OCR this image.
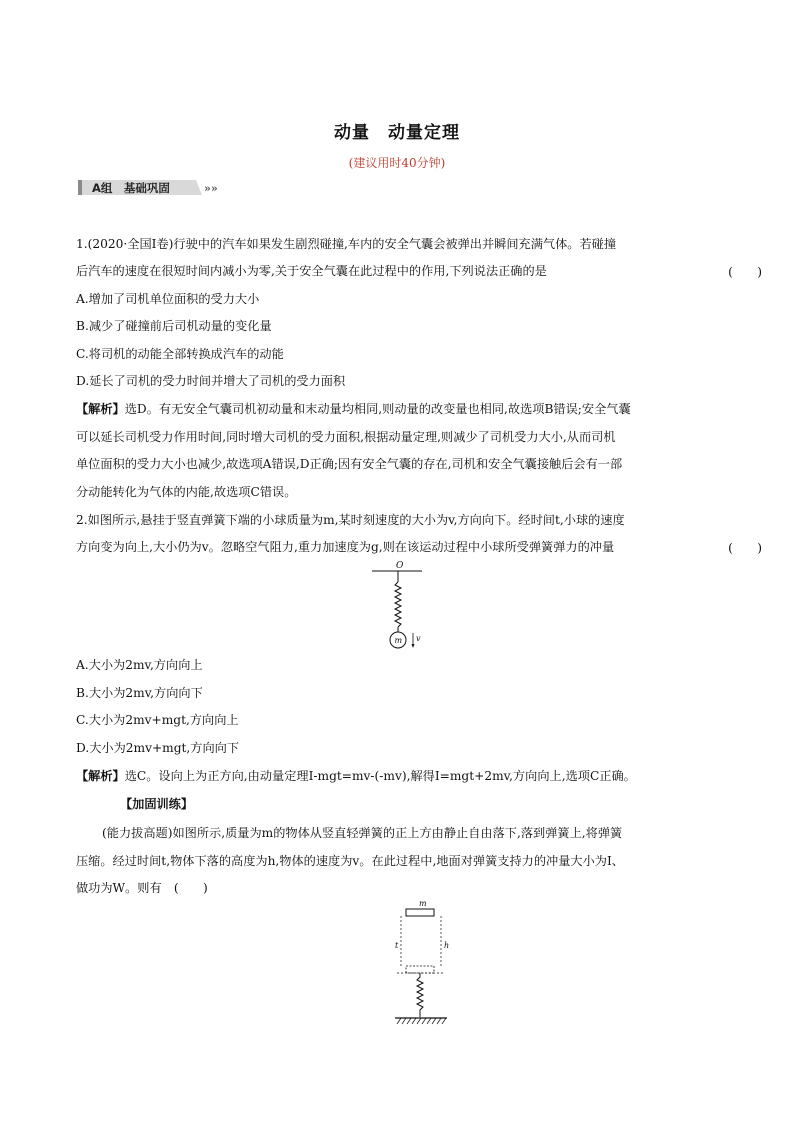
动量　动量定理
(建议用时40分钟)
»»
A组　基础巩固
1.(2020·全国Ⅰ卷)行驶中的汽车如果发生剧烈碰撞,车内的安全气囊会被弹出并瞬间充满气体。若碰撞
后汽车的速度在很短时间内减小为零,关于安全气囊在此过程中的作用,下列说法正确的是	(　　)
A.增加了司机单位面积的受力大小
B.减少了碰撞前后司机动量的变化量
C.将司机的动能全部转换成汽车的动能
D.延长了司机的受力时间并增大了司机的受力面积
【解析】选D。有无安全气囊司机初动量和末动量均相同,则动量的改变量也相同,故选项B错误;安全气囊
可以延长司机受力作用时间,同时增大司机的受力面积,根据动量定理,则减少了司机受力大小,从而司机
单位面积的受力大小也减少,故选项A错误,D正确;因有安全气囊的存在,司机和安全气囊接触后会有一部
分动能转化为气体的内能,故选项C错误。
2.如图所示,悬挂于竖直弹簧下端的小球质量为m,某时刻速度的大小为v,方向向下。经时间t,小球的速度
方向变为向上,大小仍为v。忽略空气阻力,重力加速度为g,则在该运动过程中小球所受弹簧弹力的冲量	(　　)
O
m v
A.大小为2mv,方向向上
B.大小为2mv,方向向下
C.大小为2mv+mgt,方向向上
D.大小为2mv+mgt,方向向下
【解析】选C。设向上为正方向,由动量定理I-mgt=mv-(-mv),解得I=mgt+2mv,方向向上,选项C正确。
【加固训练】
(能力拔高题)如图所示,质量为m的物体从竖直轻弹簧的正上方由静止自由落下,落到弹簧上,将弹簧
压缩。经过时间t,物体下落的高度为h,物体的速度为v。在此过程中,地面对弹簧支持力的冲量大小为I、
做功为W。则有　(　　)
m
t	h
